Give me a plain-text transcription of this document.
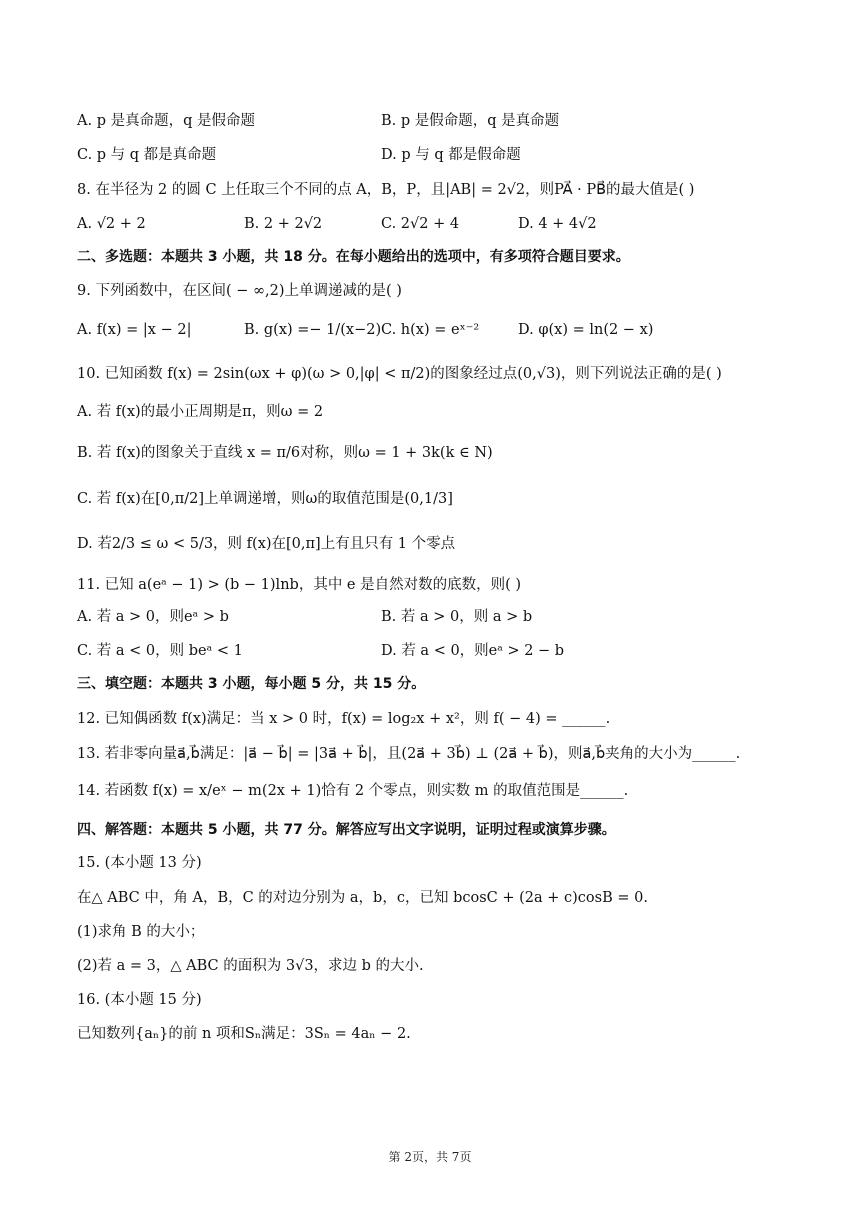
A. p 是真命题，q 是假命题	B. p 是假命题，q 是真命题
C. p 与 q 都是真命题	D. p 与 q 都是假命题
8. 在半径为 2 的圆 C 上任取三个不同的点 A，B，P，且|AB| = 2√2，则PA⃗ · PB⃗的最大值是( )
A. √2 + 2	B. 2 + 2√2	C. 2√2 + 4	D. 4 + 4√2
二、多选题：本题共 3 小题，共 18 分。在每小题给出的选项中，有多项符合题目要求。
9. 下列函数中，在区间( − ∞,2)上单调递减的是( )
A. f(x) = |x − 2|	B. g(x) =− 1/(x−2) C. h(x) = eˣ⁻²	D. φ(x) = ln(2 − x)
10. 已知函数 f(x) = 2sin(ωx + φ)(ω > 0,|φ| < π/2)的图象经过点(0,√3)，则下列说法正确的是( )
A. 若 f(x)的最小正周期是π，则ω = 2
B. 若 f(x)的图象关于直线 x = π/6对称，则ω = 1 + 3k(k ∈ N)
C. 若 f(x)在[0,π/2]上单调递增，则ω的取值范围是(0,1/3]
D. 若2/3 ≤ ω < 5/3，则 f(x)在[0,π]上有且只有 1 个零点
11. 已知 a(eᵃ − 1) > (b − 1)lnb，其中 e 是自然对数的底数，则( )
A. 若 a > 0，则eᵃ > b	B. 若 a > 0，则 a > b
C. 若 a < 0，则 beᵃ < 1	D. 若 a < 0，则eᵃ > 2 − b
三、填空题：本题共 3 小题，每小题 5 分，共 15 分。
12. 已知偶函数 f(x)满足：当 x > 0 时，f(x) = log₂x + x²，则 f( − 4) = ______.
13. 若非零向量a⃗,b⃗满足：|a⃗ − b⃗| = |3a⃗ + b⃗|，且(2a⃗ + 3b⃗) ⊥ (2a⃗ + b⃗)，则a⃗,b⃗夹角的大小为______.
14. 若函数 f(x) = x/eˣ − m(2x + 1)恰有 2 个零点，则实数 m 的取值范围是______.
四、解答题：本题共 5 小题，共 77 分。解答应写出文字说明，证明过程或演算步骤。
15. (本小题 13 分)
在△ ABC 中，角 A，B，C 的对边分别为 a，b，c，已知 bcosC + (2a + c)cosB = 0.
(1)求角 B 的大小；
(2)若 a = 3，△ ABC 的面积为 3√3，求边 b 的大小.
16. (本小题 15 分)
已知数列{aₙ}的前 n 项和Sₙ满足：3Sₙ = 4aₙ − 2.
第 2页，共 7页
